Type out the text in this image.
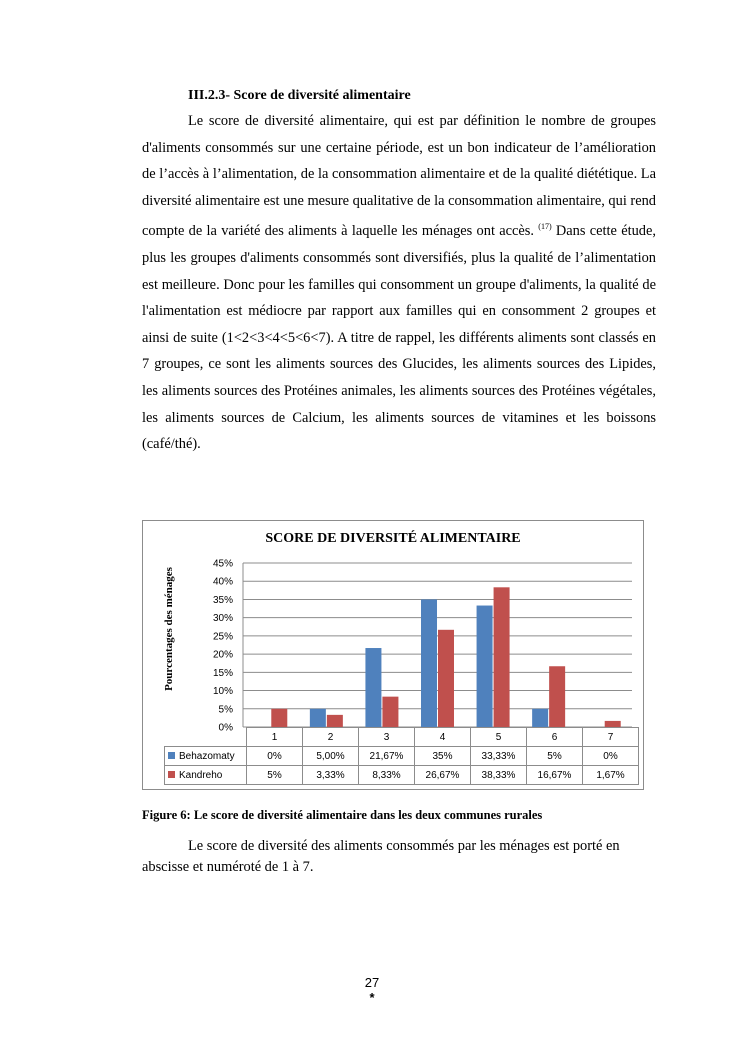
III.2.3- Score de diversité alimentaire

Le score de diversité alimentaire, qui est par définition le nombre de groupes d'aliments consommés sur une certaine période, est un bon indicateur de l’amélioration de l’accès à l’alimentation, de la consommation alimentaire et de la qualité diététique. La diversité alimentaire est une mesure qualitative de la consommation alimentaire, qui rend compte de la variété des aliments à laquelle les ménages ont accès. $^{(17)}$ Dans cette étude, plus les groupes d'aliments consommés sont diversifiés, plus la qualité de l’alimentation est meilleure. Donc pour les familles qui consomment un groupe d'aliments, la qualité de l'alimentation est médiocre par rapport aux familles qui en consomment 2 groupes et ainsi de suite (1<2<3<4<5<6<7). A titre de rappel, les différents aliments sont classés en 7 groupes, ce sont les aliments sources des Glucides, les aliments sources des Lipides, les aliments sources des Protéines animales, les aliments sources des Protéines végétales, les aliments sources de Calcium, les aliments sources de vitamines et les boissons (café/thé).

SCORE DE DIVERSITÉ ALIMENTAIRE
Pourcentages des ménages
0%
5%
10%
15%
20%
25%
30%
35%
40%
45%
	1	2	3	4	5	6	7
Behazomaty	0%	5,00%	21,67%	35%	33,33%	5%	0%
Kandreho	5%	3,33%	8,33%	26,67%	38,33%	16,67%	1,67%
Figure 6: Le score de diversité alimentaire dans les deux communes rurales

Le score de diversité des aliments consommés par les ménages est porté en abscisse et numéroté de 1 à 7.

27
*
